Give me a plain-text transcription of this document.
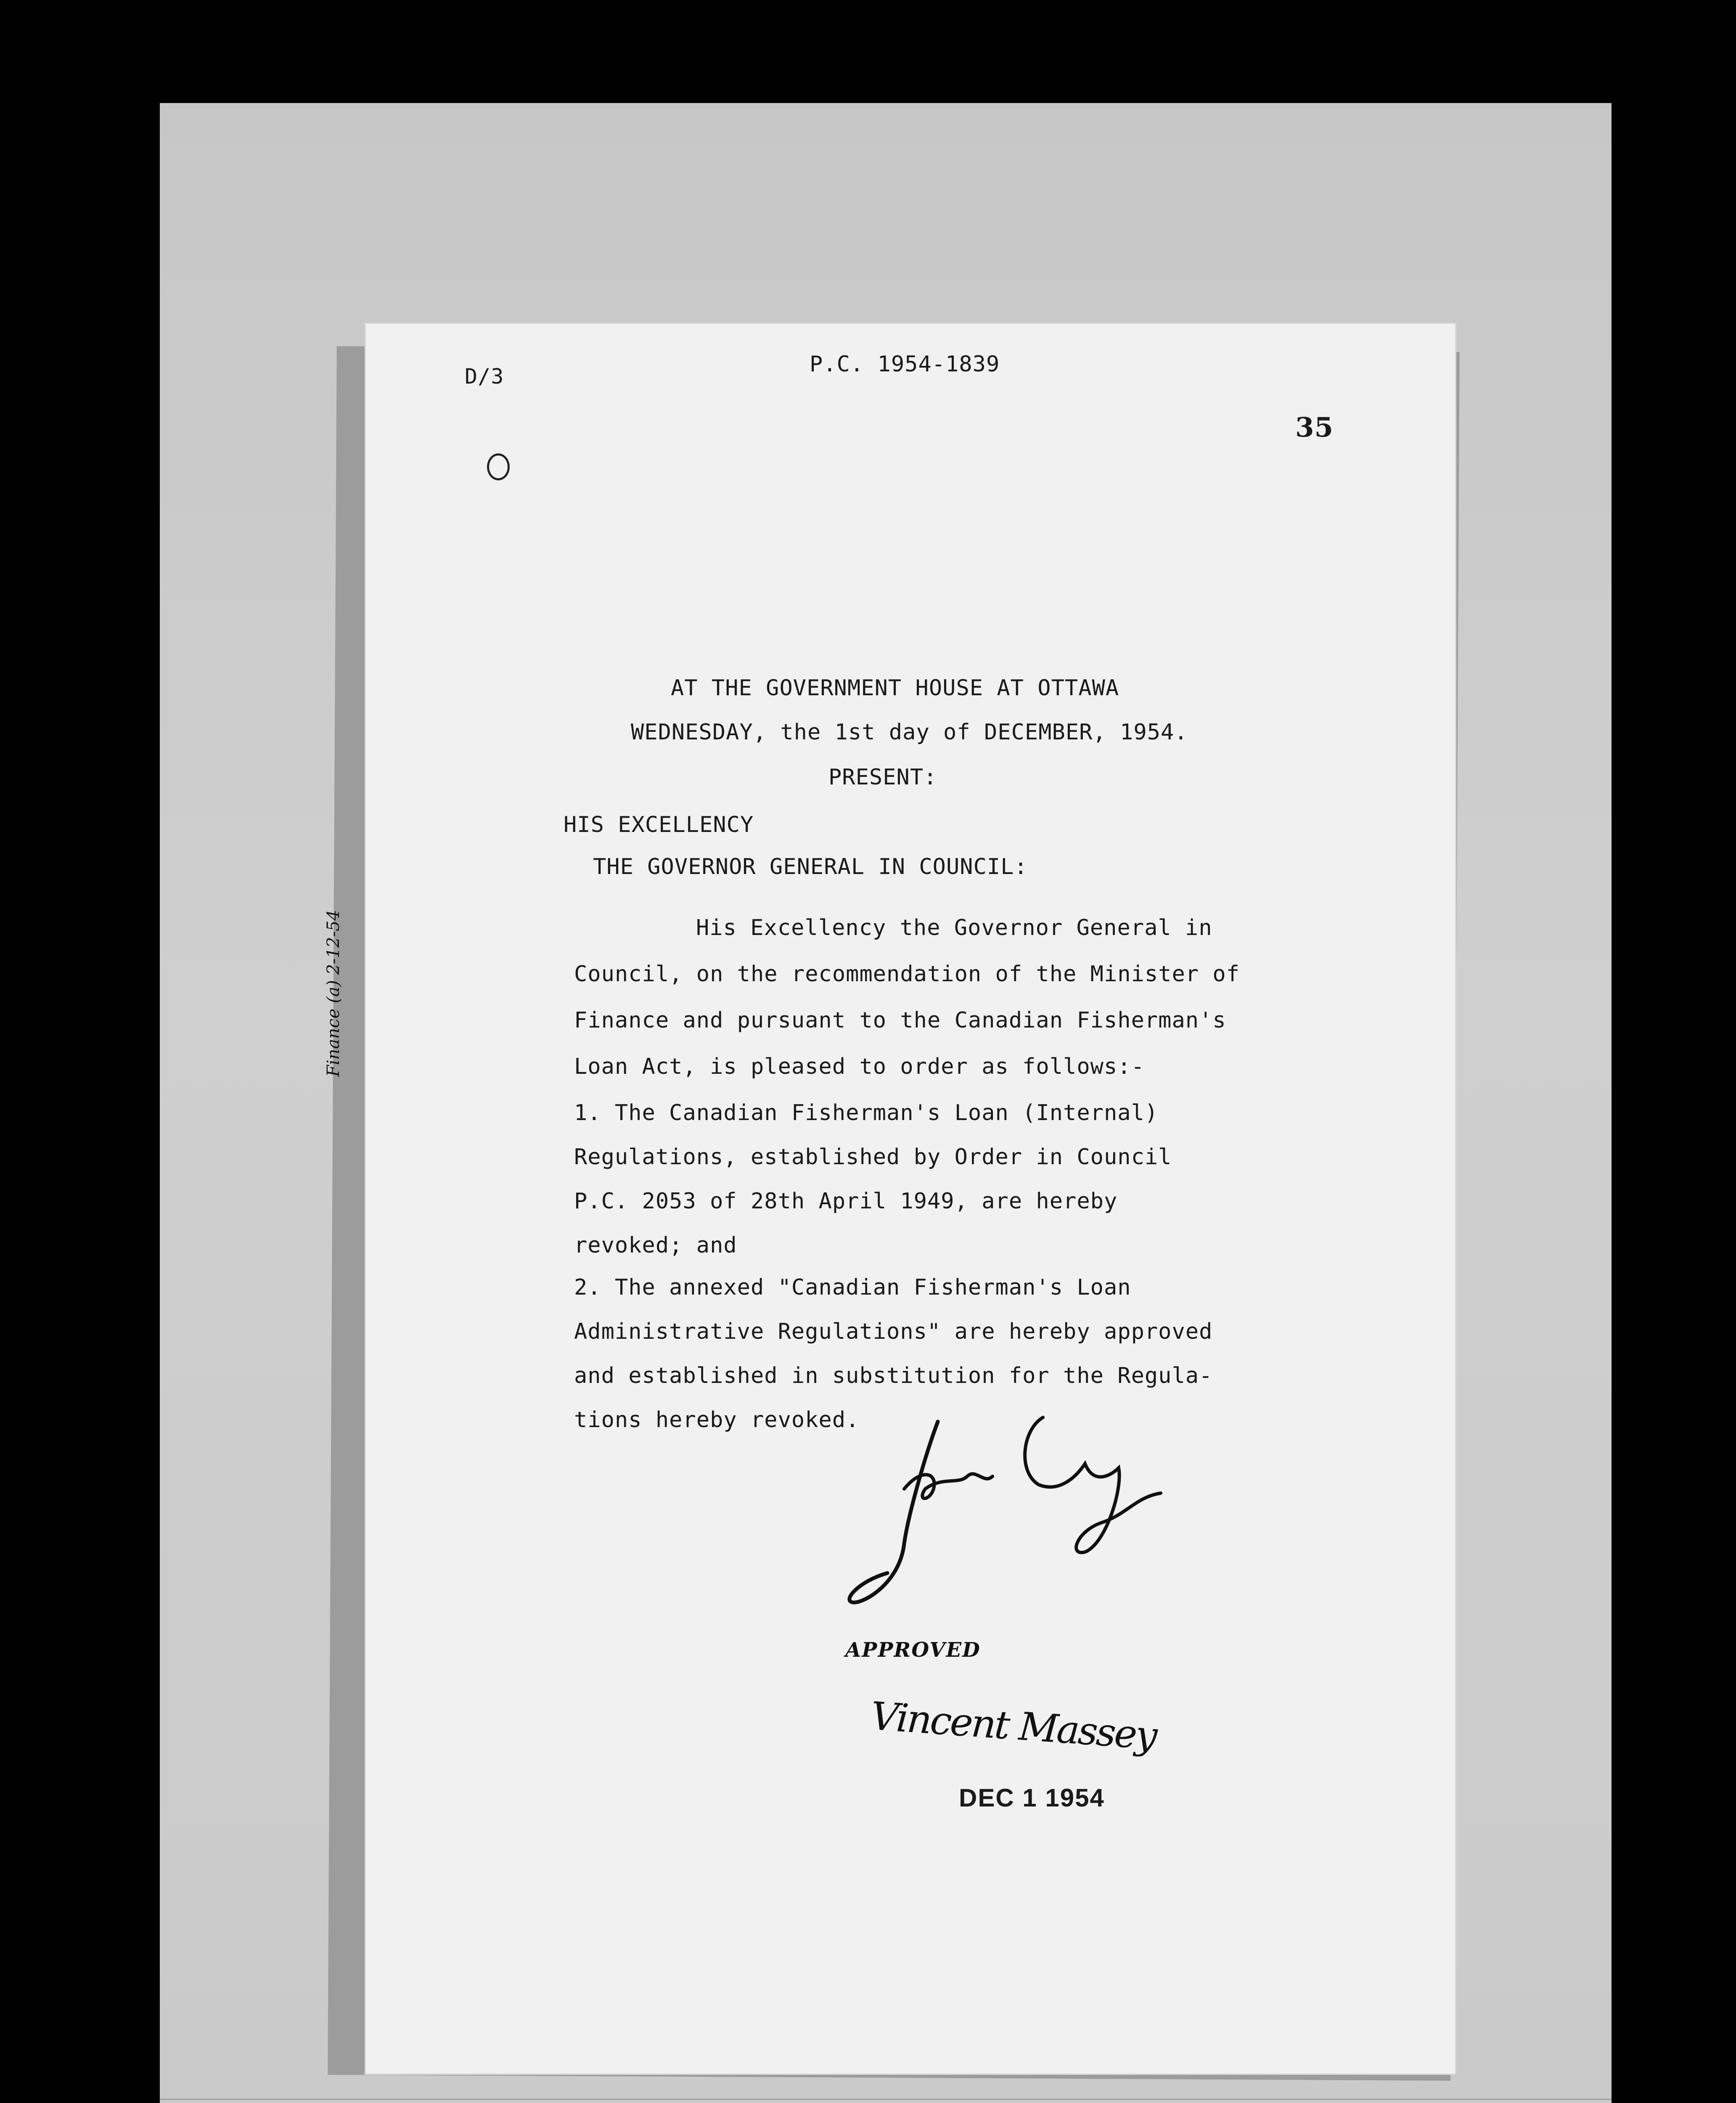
D/3	P.C. 1954-1839
35
Finance (a) 2-12-54
AT THE GOVERNMENT HOUSE AT OTTAWA
WEDNESDAY, the 1st day of DECEMBER, 1954.
PRESENT:
HIS EXCELLENCY
THE GOVERNOR GENERAL IN COUNCIL:
His Excellency the Governor General in
Council, on the recommendation of the Minister of
Finance and pursuant to the Canadian Fisherman's
Loan Act, is pleased to order as follows:-
1. The Canadian Fisherman's Loan (Internal)
Regulations, established by Order in Council
P.C. 2053 of 28th April 1949, are hereby
revoked; and
2. The annexed "Canadian Fisherman's Loan
Administrative Regulations" are hereby approved
and established in substitution for the Regula-
tions hereby revoked.
Jean Lesage
APPROVED
Vincent Massey
DEC 1 1954
